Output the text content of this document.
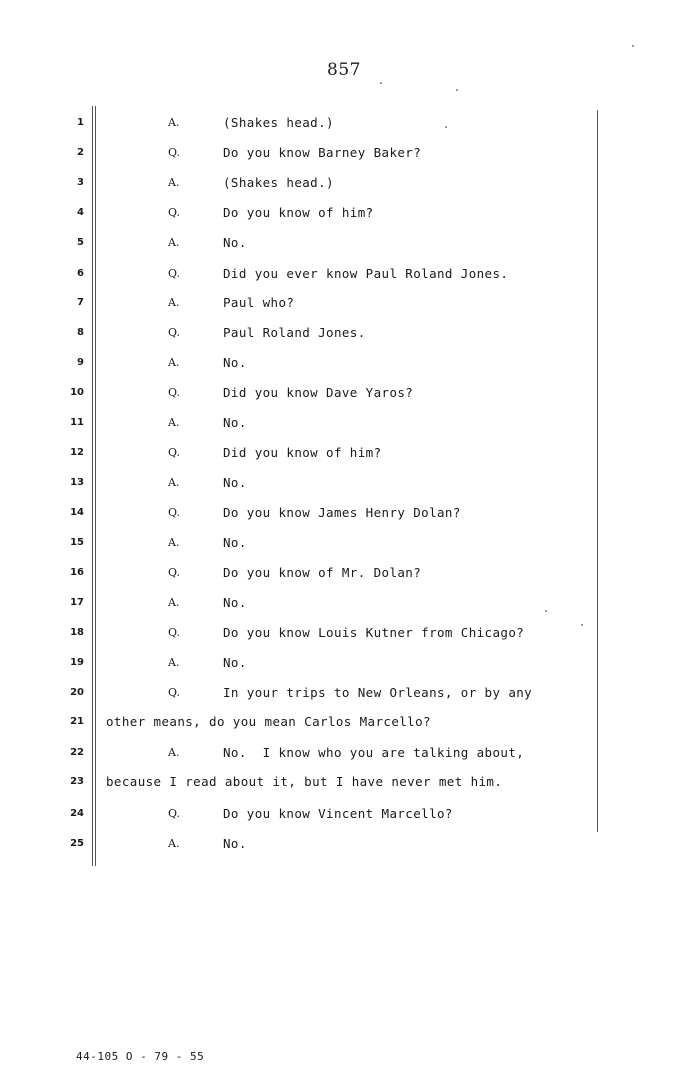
857
1	A.	(Shakes head.)
2	Q.	Do you know Barney Baker?
3	A.	(Shakes head.)
4	Q.	Do you know of him?
5	A.	No.
6	Q.	Did you ever know Paul Roland Jones.
7	A.	Paul who?
8	Q.	Paul Roland Jones.
9	A.	No.
10	Q.	Did you know Dave Yaros?
11	A.	No.
12	Q.	Did you know of him?
13	A.	No.
14	Q.	Do you know James Henry Dolan?
15	A.	No.
16	Q.	Do you know of Mr. Dolan?
17	A.	No.
18	Q.	Do you know Louis Kutner from Chicago?
19	A.	No.
20	Q.	In your trips to New Orleans, or by any
21 other means, do you mean Carlos Marcello?
22	A.	No.  I know who you are talking about,
23 because I read about it, but I have never met him.
24	Q.	Do you know Vincent Marcello?
25	A.	No.
44-105 O - 79 - 55
